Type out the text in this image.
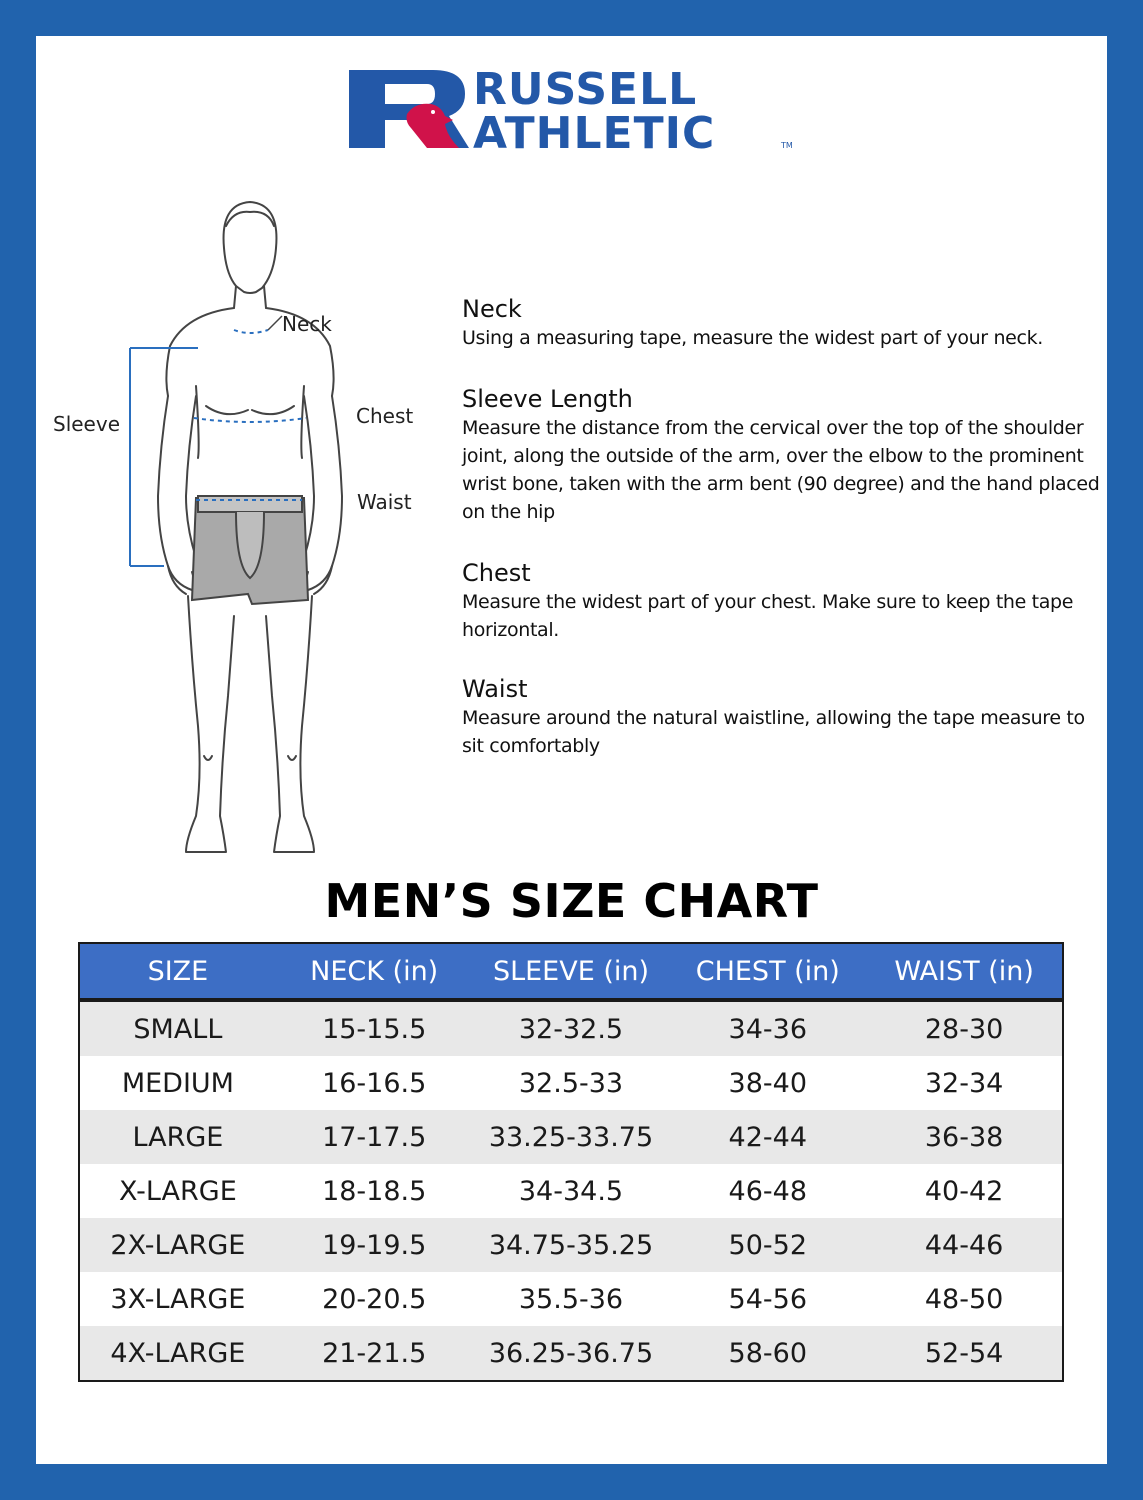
RUSSELL
ATHLETIC	TM
Neck
Sleeve	Chest
Waist
Neck
Using a measuring tape, measure the widest part of your neck.
Sleeve Length
Measure the distance from the cervical over the top of the shoulder joint, along the outside of the arm, over the elbow to the prominent wrist bone, taken with the arm bent (90 degree) and the hand placed on the hip
Chest
Measure the widest part of your chest. Make sure to keep the tape horizontal.
Waist
Measure around the natural waistline, allowing the tape measure to sit comfortably
MEN’S SIZE CHART
SIZE	NECK (in)	SLEEVE (in)	CHEST (in)	WAIST (in)
SMALL	15-15.5	32-32.5	34-36	28-30
MEDIUM	16-16.5	32.5-33	38-40	32-34
LARGE	17-17.5	33.25-33.75	42-44	36-38
X-LARGE	18-18.5	34-34.5	46-48	40-42
2X-LARGE	19-19.5	34.75-35.25	50-52	44-46
3X-LARGE	20-20.5	35.5-36	54-56	48-50
4X-LARGE	21-21.5	36.25-36.75	58-60	52-54
